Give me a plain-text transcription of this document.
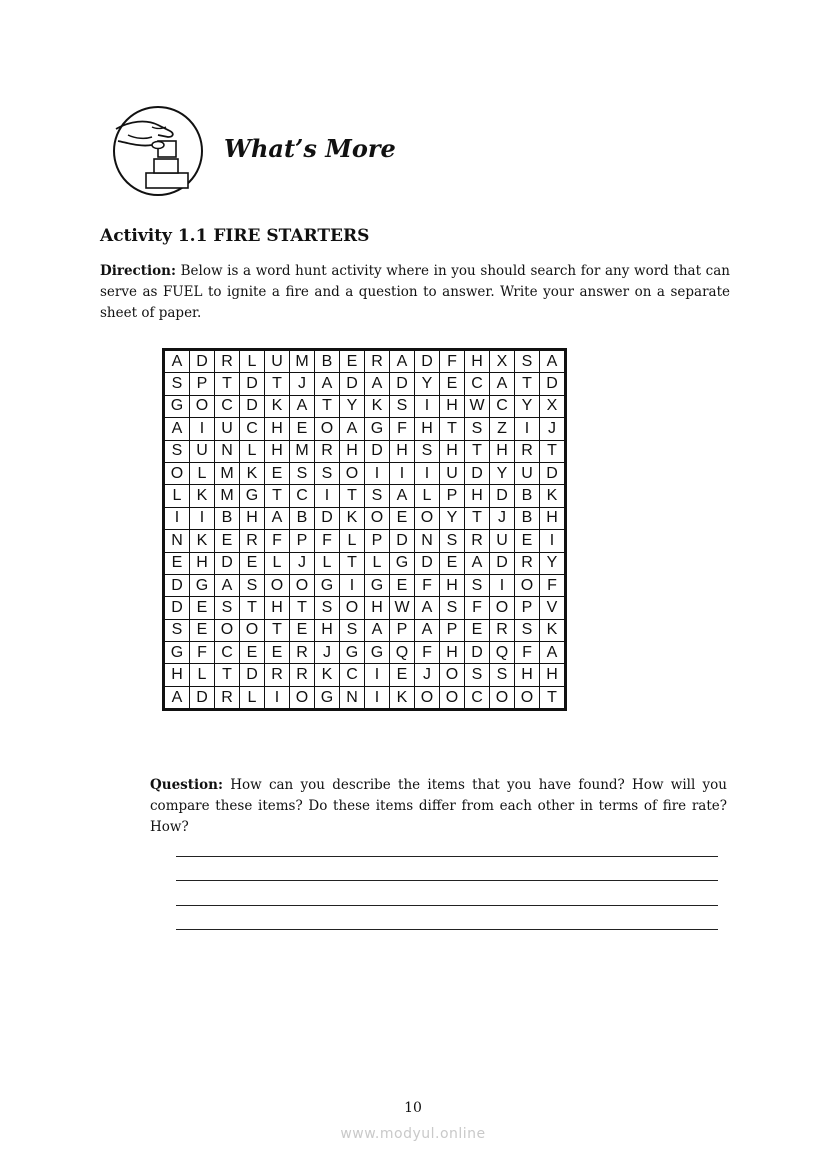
What’s More
Activity 1.1 FIRE STARTERS
Direction: Below is a word hunt activity where in you should search for any word that can serve as FUEL to ignite a fire and a question to answer. Write your answer on a separate sheet of paper.
A	D	R	L	U	M	B	E	R	A	D	F	H	X	S	A
S	P	T	D	T	J	A	D	A	D	Y	E	C	A	T	D
G	O	C	D	K	A	T	Y	K	S	I	H	W	C	Y	X
A	I	U	C	H	E	O	A	G	F	H	T	S	Z	I	J
S	U	N	L	H	M	R	H	D	H	S	H	T	H	R	T
O	L	M	K	E	S	S	O	I	I	I	U	D	Y	U	D
L	K	M	G	T	C	I	T	S	A	L	P	H	D	B	K
I	I	B	H	A	B	D	K	O	E	O	Y	T	J	B	H
N	K	E	R	F	P	F	L	P	D	N	S	R	U	E	I
E	H	D	E	L	J	L	T	L	G	D	E	A	D	R	Y
D	G	A	S	O	O	G	I	G	E	F	H	S	I	O	F
D	E	S	T	H	T	S	O	H	W	A	S	F	O	P	V
S	E	O	O	T	E	H	S	A	P	A	P	E	R	S	K
G	F	C	E	E	R	J	G	G	Q	F	H	D	Q	F	A
H	L	T	D	R	R	K	C	I	E	J	O	S	S	H	H
A	D	R	L	I	O	G	N	I	K	O	O	C	O	O	T
Question: How can you describe the items that you have found? How will you compare these items? Do these items differ from each other in terms of fire rate? How?
10
www.modyul.online
